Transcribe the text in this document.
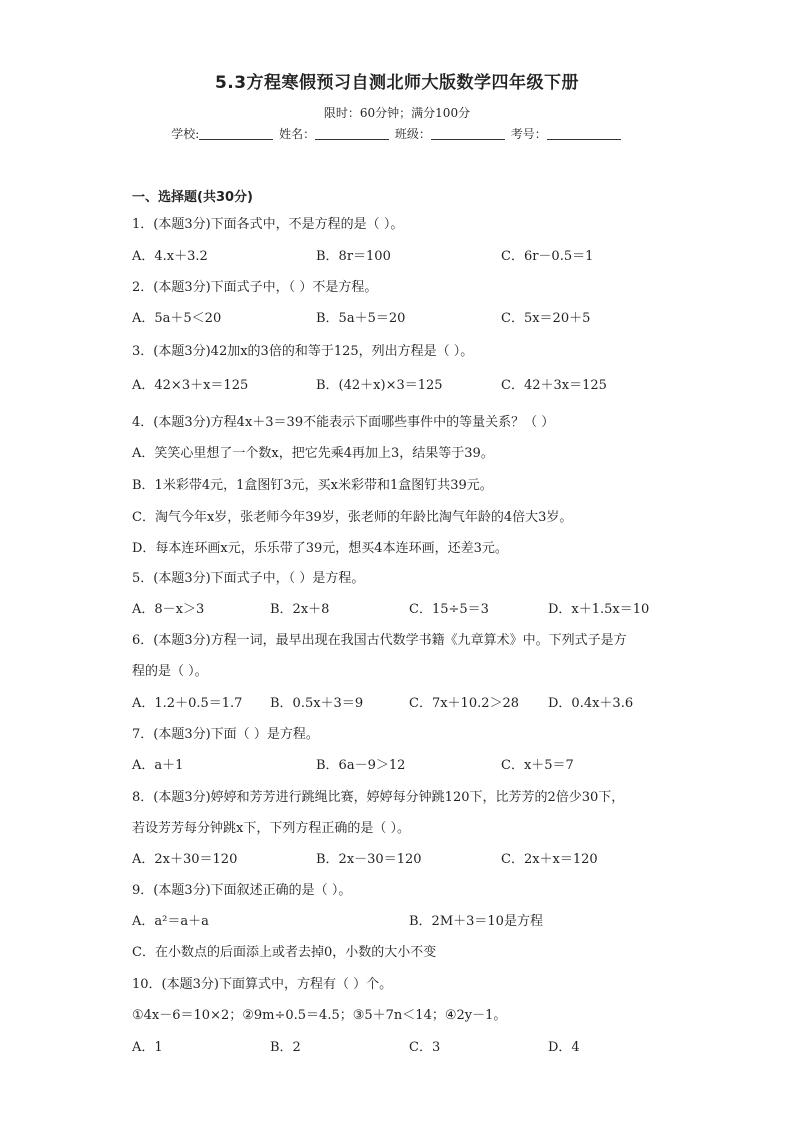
5.3方程寒假预习自测北师大版数学四年级下册
限时：60分钟；满分100分
学校:	姓名：	班级：	考号：
一、选择题(共30分)
1．(本题3分)下面各式中，不是方程的是（ ）。
A．4.x＋3.2	B．8r＝100	C．6r－0.5＝1
2．(本题3分)下面式子中，（ ）不是方程。
A．5a＋5＜20	B．5a＋5＝20	C．5x＝20＋5
3．(本题3分)42加x的3倍的和等于125，列出方程是（ ）。
A．42×3＋x＝125	B．(42＋x)×3＝125	C．42＋3x＝125
4．(本题3分)方程4x＋3＝39不能表示下面哪些事件中的等量关系？（ ）
A．笑笑心里想了一个数x，把它先乘4再加上3，结果等于39。
B．1米彩带4元，1盒图钉3元，买x米彩带和1盒图钉共39元。
C．淘气今年x岁，张老师今年39岁，张老师的年龄比淘气年龄的4倍大3岁。
D．每本连环画x元，乐乐带了39元，想买4本连环画，还差3元。
5．(本题3分)下面式子中，（ ）是方程。
A．8－x＞3	B．2x＋8	C．15÷5＝3	D．x＋1.5x＝10
6．(本题3分)方程一词，最早出现在我国古代数学书籍《九章算术》中。下列式子是方
程的是（ ）。
A．1.2＋0.5＝1.7 B．0.5x＋3＝9	C．7x＋10.2＞28 D．0.4x＋3.6
7．(本题3分)下面（ ）是方程。
A．a＋1	B．6a－9＞12	C．x＋5＝7
8．(本题3分)婷婷和芳芳进行跳绳比赛，婷婷每分钟跳120下，比芳芳的2倍少30下，
若设芳芳每分钟跳x下，下列方程正确的是（ ）。
A．2x＋30＝120	B．2x－30＝120	C．2x＋x＝120
9．(本题3分)下面叙述正确的是（ ）。
A．a²＝a＋a	B．2M＋3＝10是方程
C．在小数点的后面添上或者去掉0，小数的大小不变
10．(本题3分)下面算式中，方程有（ ）个。
①4x－6＝10×2；②9m÷0.5＝4.5；③5＋7n＜14；④2y－1。
A．1	B．2	C．3	D．4
